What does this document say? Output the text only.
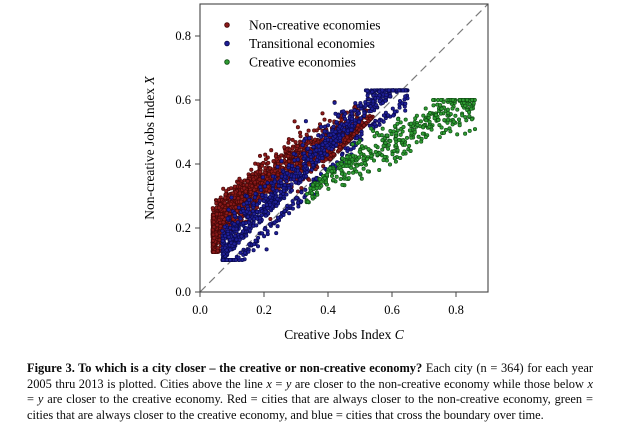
Non-creative Jobs Index X
Creative Jobs Index C
0.0	0.2	0.4	0.6	0.8
0.0
0.2
0.4
0.6
0.8
Non-creative economies
Transitional economies
Creative economies

Figure 3. To which is a city closer – the creative or non-creative economy? Each city (n = 364) for each year 2005 thru 2013 is plotted. Cities above the line x = y are closer to the non-creative economy while those below x = y are closer to the creative economy. Red = cities that are always closer to the non-creative economy, green = cities that are always closer to the creative economy, and blue = cities that cross the boundary over time.
